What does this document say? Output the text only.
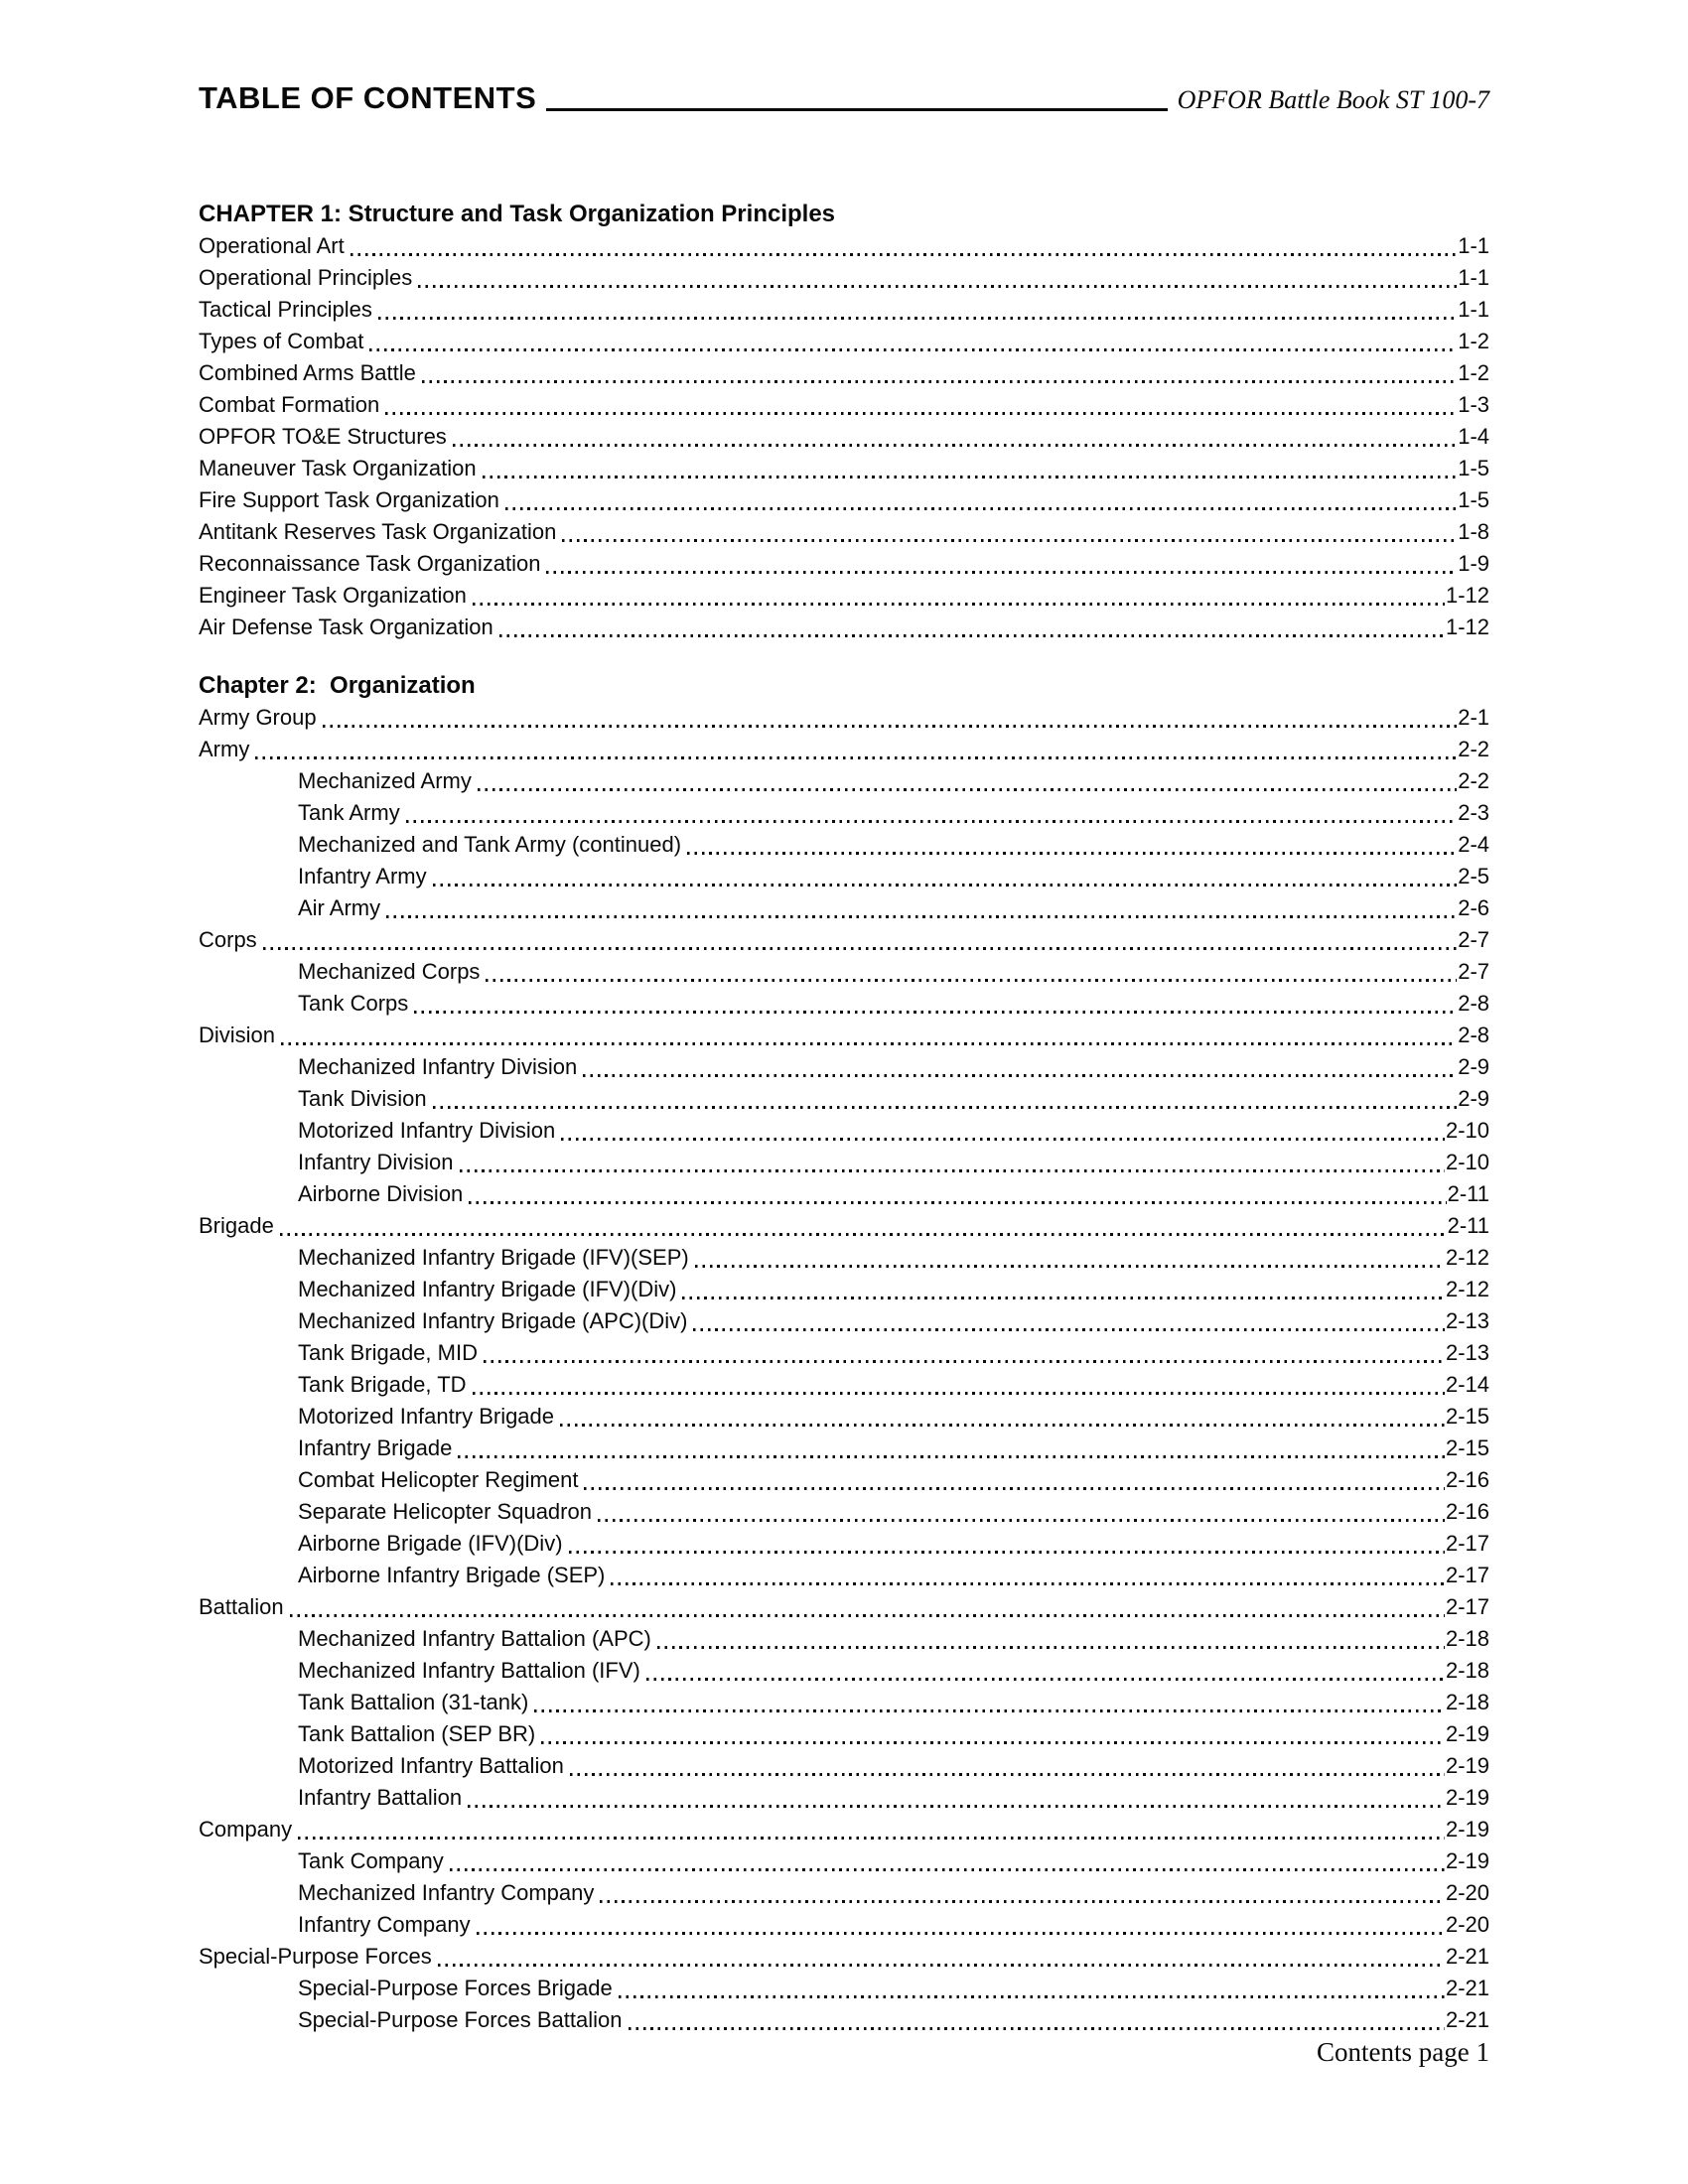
TABLE OF CONTENTS	OPFOR Battle Book ST 100-7
CHAPTER 1: Structure and Task Organization Principles
Operational Art	1-1
Operational Principles	1-1
Tactical Principles	1-1
Types of Combat	1-2
Combined Arms Battle	1-2
Combat Formation	1-3
OPFOR TO&E Structures	1-4
Maneuver Task Organization	1-5
Fire Support Task Organization	1-5
Antitank Reserves Task Organization	1-8
Reconnaissance Task Organization	1-9
Engineer Task Organization	1-12
Air Defense Task Organization	1-12
Chapter 2:  Organization
Army Group	2-1
Army	2-2
Mechanized Army	2-2
Tank Army	2-3
Mechanized and Tank Army (continued)	2-4
Infantry Army	2-5
Air Army	2-6
Corps	2-7
Mechanized Corps	2-7
Tank Corps	2-8
Division	2-8
Mechanized Infantry Division	2-9
Tank Division	2-9
Motorized Infantry Division	2-10
Infantry Division	2-10
Airborne Division	2-11
Brigade	2-11
Mechanized Infantry Brigade (IFV)(SEP)	2-12
Mechanized Infantry Brigade (IFV)(Div)	2-12
Mechanized Infantry Brigade (APC)(Div)	2-13
Tank Brigade, MID	2-13
Tank Brigade, TD	2-14
Motorized Infantry Brigade	2-15
Infantry Brigade	2-15
Combat Helicopter Regiment	2-16
Separate Helicopter Squadron	2-16
Airborne Brigade (IFV)(Div)	2-17
Airborne Infantry Brigade (SEP)	2-17
Battalion	2-17
Mechanized Infantry Battalion (APC)	2-18
Mechanized Infantry Battalion (IFV)	2-18
Tank Battalion (31-tank)	2-18
Tank Battalion (SEP BR)	2-19
Motorized Infantry Battalion	2-19
Infantry Battalion	2-19
Company	2-19
Tank Company	2-19
Mechanized Infantry Company	2-20
Infantry Company	2-20
Special-Purpose Forces	2-21
Special-Purpose Forces Brigade	2-21
Special-Purpose Forces Battalion	2-21
Contents page 1
